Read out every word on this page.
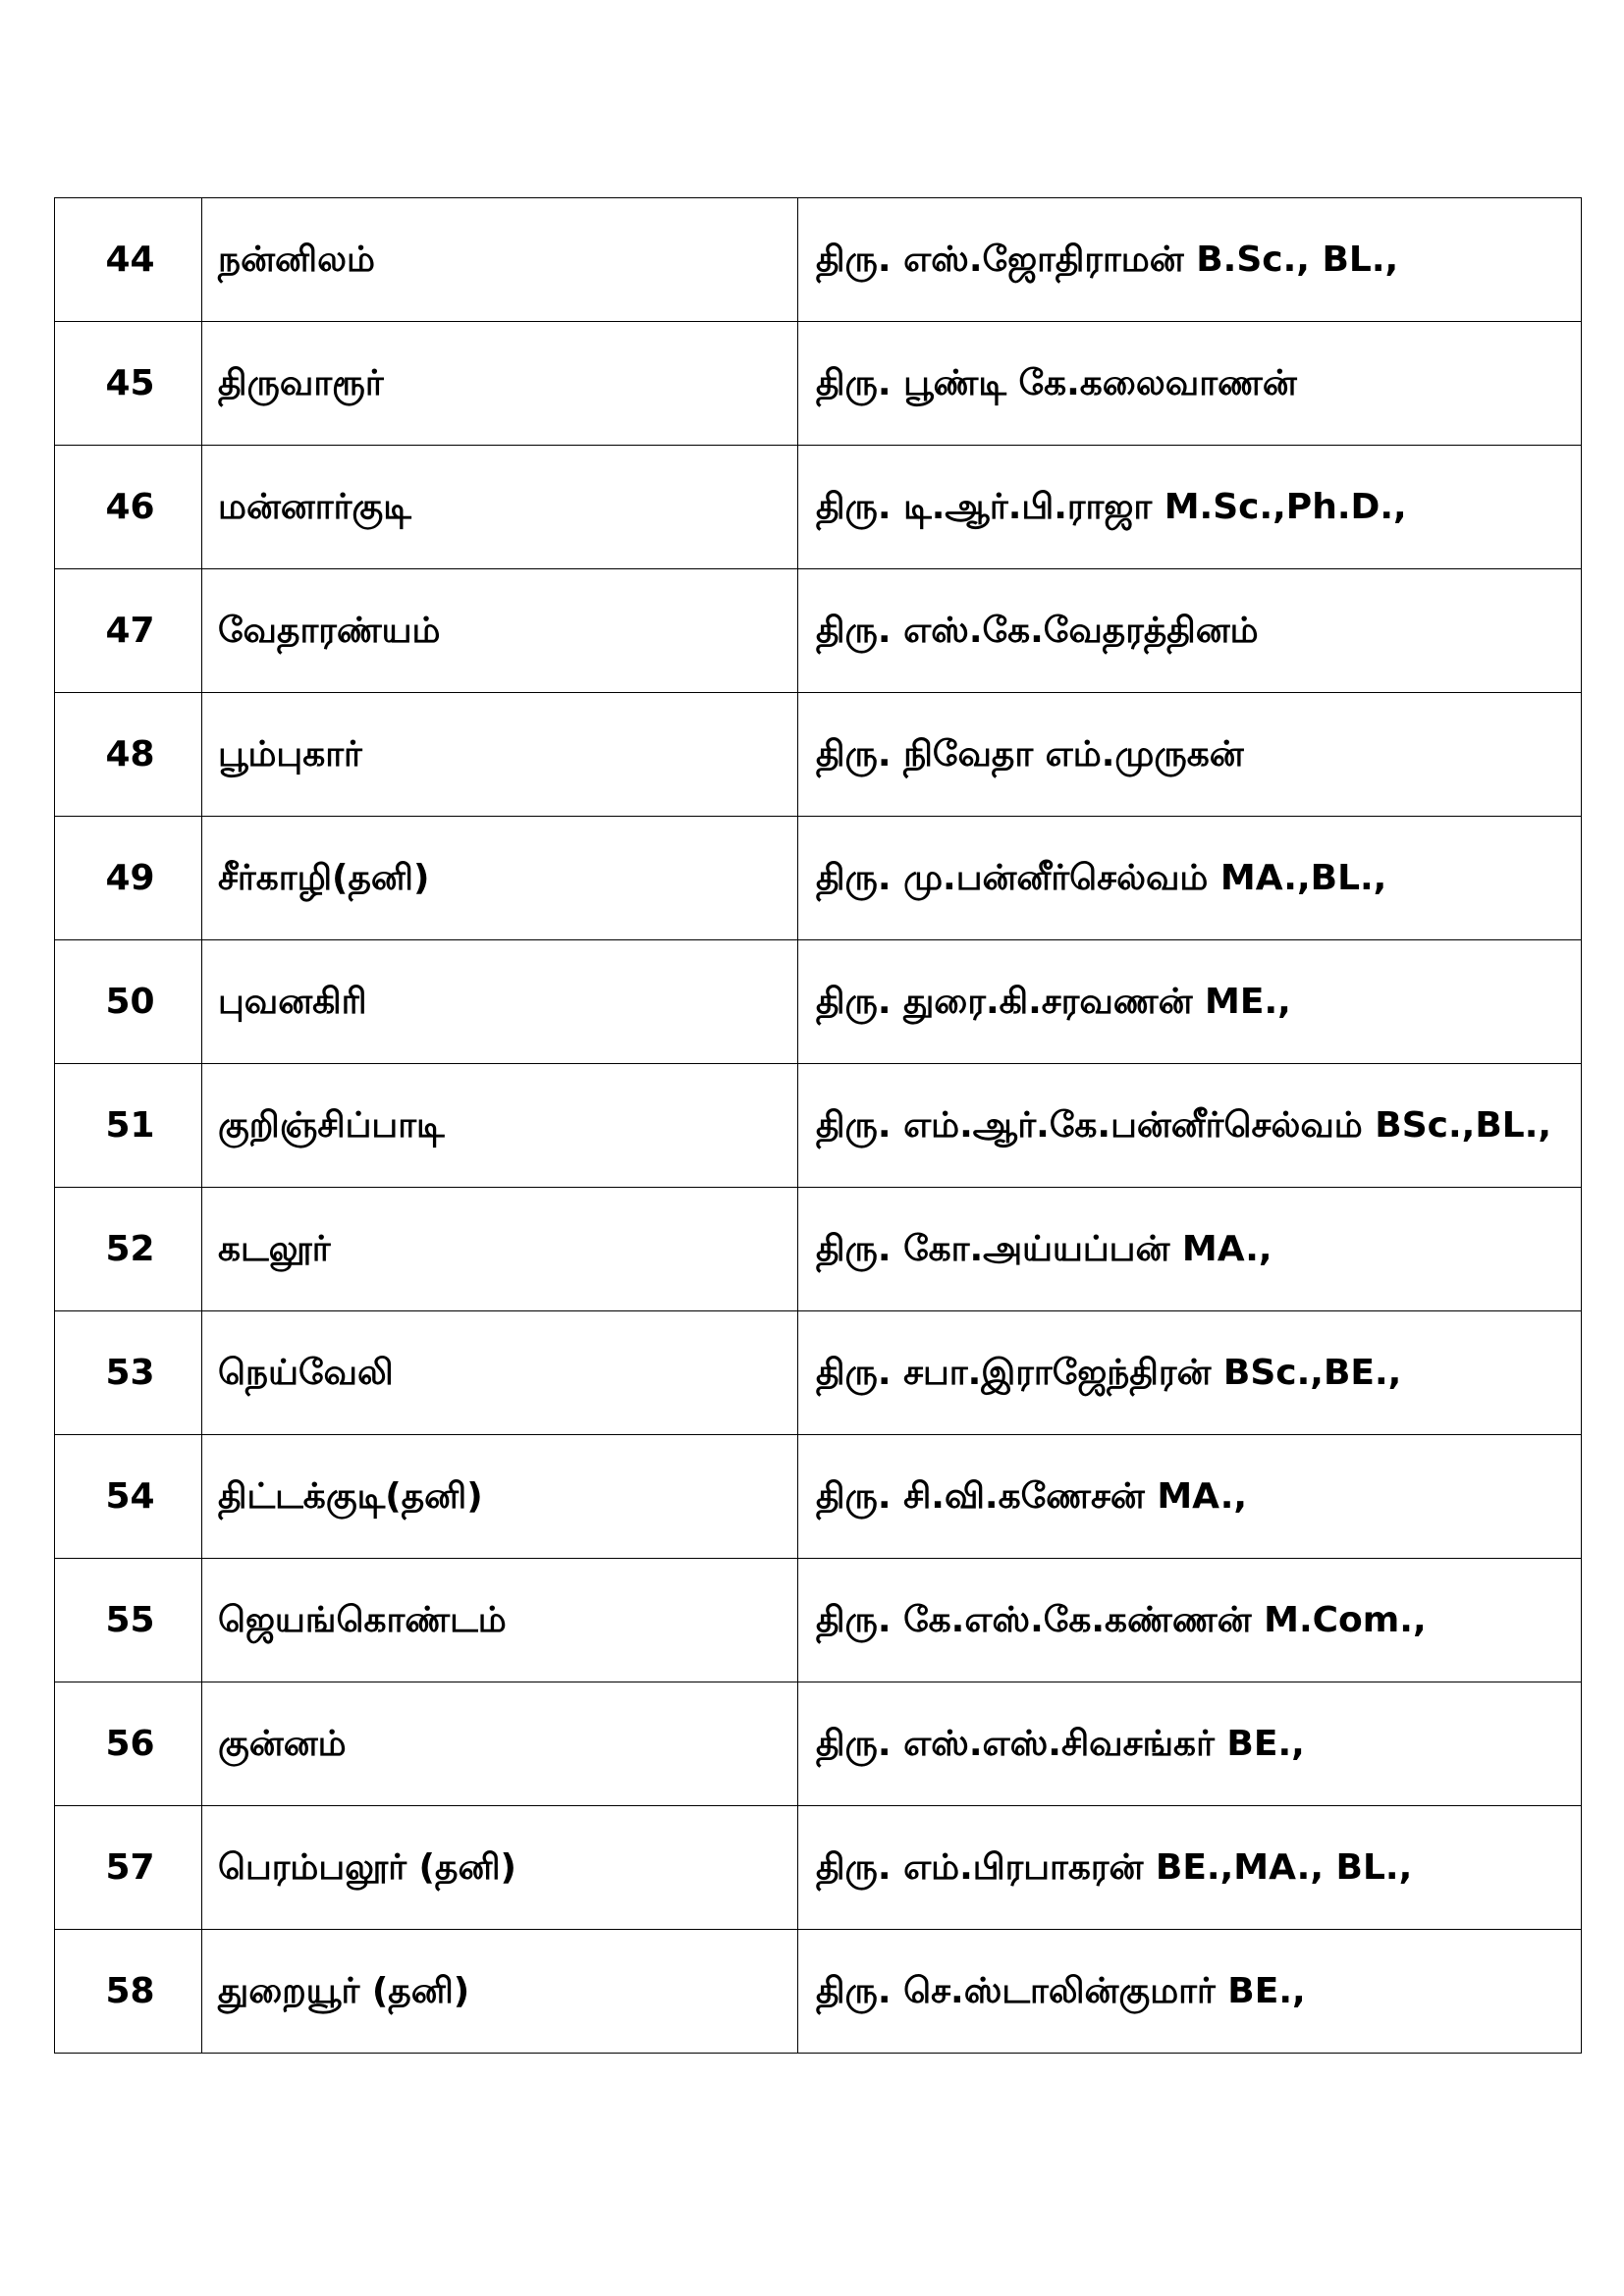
44	நன்னிலம்	திரு. எஸ்.ஜோதிராமன் B.Sc., BL.,
45	திருவாரூர்	திரு. பூண்டி கே.கலைவாணன்
46	மன்னார்குடி	திரு. டி.ஆர்.பி.ராஜா M.Sc.,Ph.D.,
47	வேதாரண்யம்	திரு. எஸ்.கே.வேதரத்தினம்
48	பூம்புகார்	திரு. நிவேதா எம்.முருகன்
49	சீர்காழி(தனி)	திரு. மு.பன்னீர்செல்வம் MA.,BL.,
50	புவனகிரி	திரு. துரை.கி.சரவணன் ME.,
51	குறிஞ்சிப்பாடி	திரு. எம்.ஆர்.கே.பன்னீர்செல்வம் BSc.,BL.,
52	கடலூர்	திரு. கோ.அய்யப்பன் MA.,
53	நெய்வேலி	திரு. சபா.இராஜேந்திரன் BSc.,BE.,
54	திட்டக்குடி(தனி)	திரு. சி.வி.கணேசன் MA.,
55	ஜெயங்கொண்டம்	திரு. கே.எஸ்.கே.கண்ணன் M.Com.,
56	குன்னம்	திரு. எஸ்.எஸ்.சிவசங்கர் BE.,
57	பெரம்பலூர் (தனி)	திரு. எம்.பிரபாகரன் BE.,MA., BL.,
58	துறையூர் (தனி)	திரு. செ.ஸ்டாலின்குமார் BE.,
